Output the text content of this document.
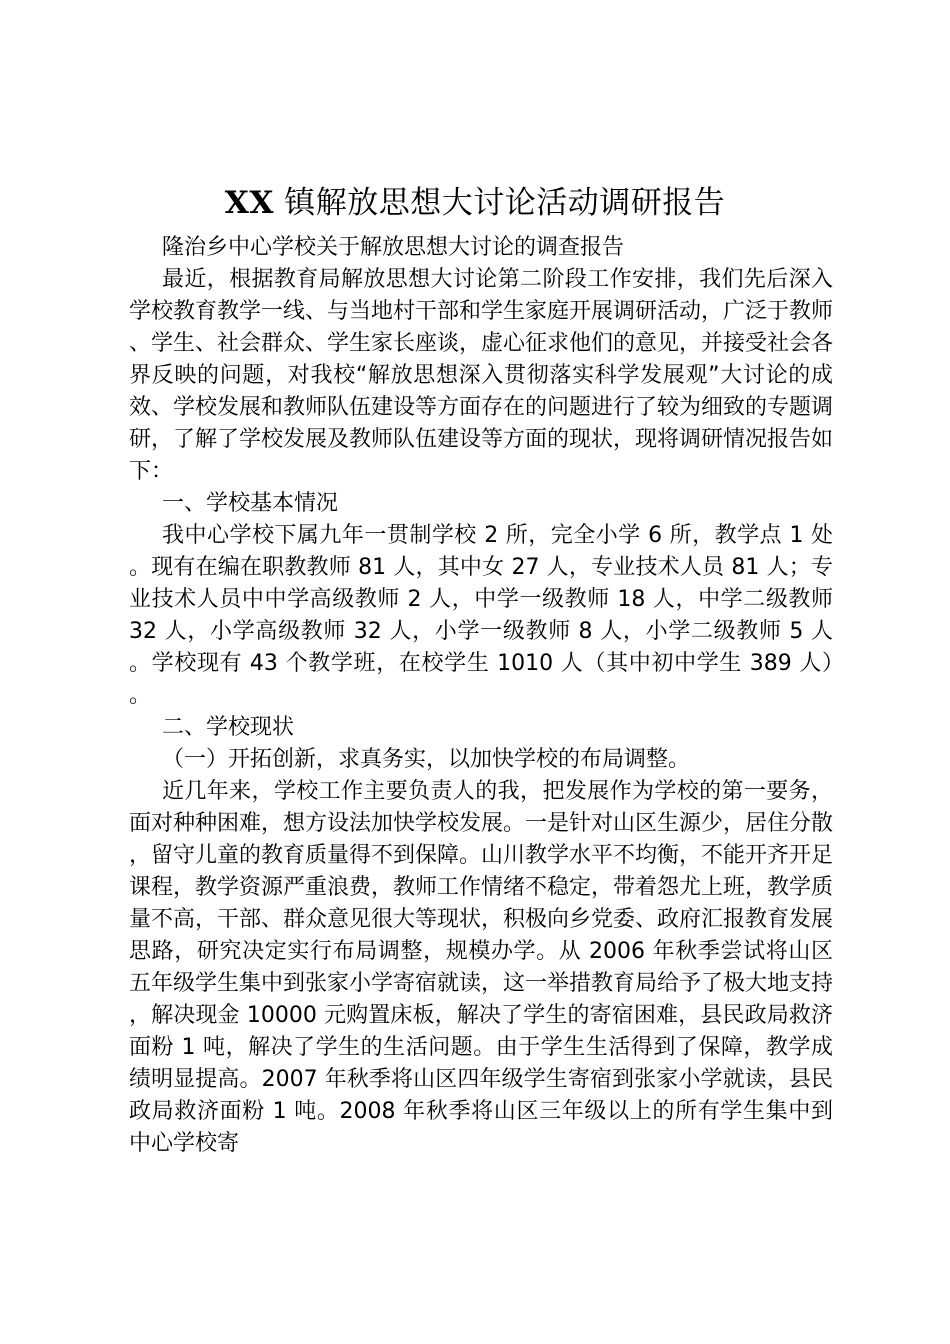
XX 镇解放思想大讨论活动调研报告

隆治乡中心学校关于解放思想大讨论的调查报告

最近，根据教育局解放思想大讨论第二阶段工作安排，我们先后深入学校教育教学一线、与当地村干部和学生家庭开展调研活动，广泛于教师、学生、社会群众、学生家长座谈，虚心征求他们的意见，并接受社会各界反映的问题，对我校“解放思想深入贯彻落实科学发展观”大讨论的成效、学校发展和教师队伍建设等方面存在的问题进行了较为细致的专题调研，了解了学校发展及教师队伍建设等方面的现状，现将调研情况报告如下：

一、学校基本情况

我中心学校下属九年一贯制学校 2 所，完全小学 6 所，教学点 1 处。现有在编在职教教师 81 人，其中女 27 人，专业技术人员 81 人；专业技术人员中中学高级教师 2 人，中学一级教师 18 人，中学二级教师 32 人，小学高级教师 32 人，小学一级教师 8 人，小学二级教师 5 人。学校现有 43 个教学班，在校学生 1010 人（其中初中学生 389 人）。

二、学校现状

（一）开拓创新，求真务实，以加快学校的布局调整。

近几年来，学校工作主要负责人的我，把发展作为学校的第一要务，面对种种困难，想方设法加快学校发展。一是针对山区生源少，居住分散，留守儿童的教育质量得不到保障。山川教学水平不均衡，不能开齐开足课程，教学资源严重浪费，教师工作情绪不稳定，带着怨尤上班，教学质量不高，干部、群众意见很大等现状，积极向乡党委、政府汇报教育发展思路，研究决定实行布局调整，规模办学。从 2006 年秋季尝试将山区五年级学生集中到张家小学寄宿就读，这一举措教育局给予了极大地支持，解决现金 10000 元购置床板，解决了学生的寄宿困难，县民政局救济面粉 1 吨，解决了学生的生活问题。由于学生生活得到了保障，教学成绩明显提高。2007 年秋季将山区四年级学生寄宿到张家小学就读，县民政局救济面粉 1 吨。2008 年秋季将山区三年级以上的所有学生集中到中心学校寄
